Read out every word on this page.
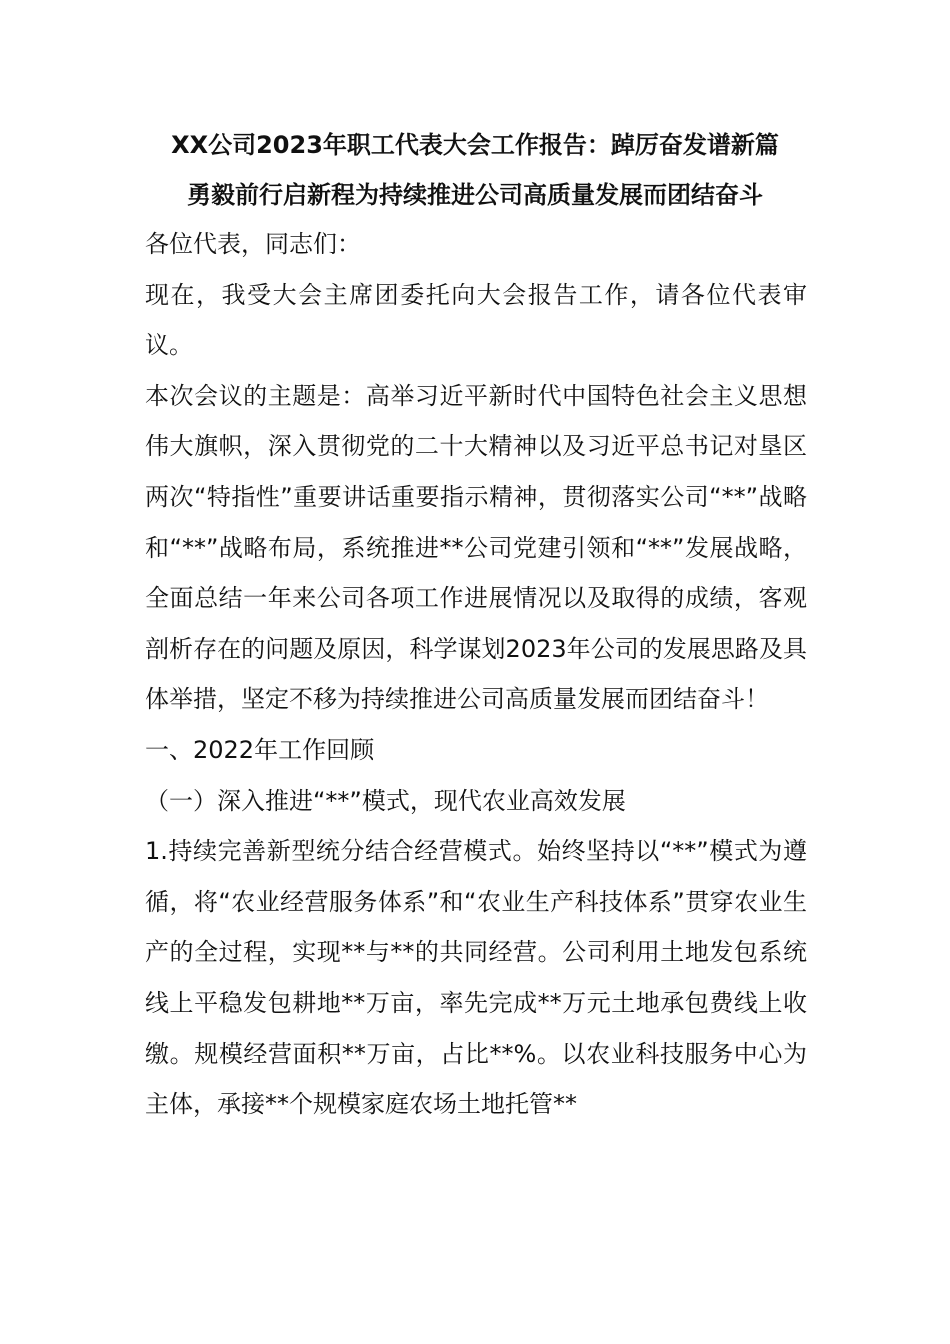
XX公司2023年职工代表大会工作报告：踔厉奋发谱新篇
勇毅前行启新程为持续推进公司高质量发展而团结奋斗

各位代表，同志们：

现在，我受大会主席团委托向大会报告工作，请各位代表审议。

本次会议的主题是：高举习近平新时代中国特色社会主义思想伟大旗帜，深入贯彻党的二十大精神以及习近平总书记对垦区两次“特指性”重要讲话重要指示精神，贯彻落实公司“**”战略和“**”战略布局，系统推进**公司党建引领和“**”发展战略，全面总结一年来公司各项工作进展情况以及取得的成绩，客观剖析存在的问题及原因，科学谋划2023年公司的发展思路及具体举措，坚定不移为持续推进公司高质量发展而团结奋斗！

一、2022年工作回顾

（一）深入推进“**”模式，现代农业高效发展

1.持续完善新型统分结合经营模式。始终坚持以“**”模式为遵循，将“农业经营服务体系”和“农业生产科技体系”贯穿农业生产的全过程，实现**与**的共同经营。公司利用土地发包系统线上平稳发包耕地**万亩，率先完成**万元土地承包费线上收缴。规模经营面积**万亩，占比**%。以农业科技服务中心为主体，承接**个规模家庭农场土地托管**
